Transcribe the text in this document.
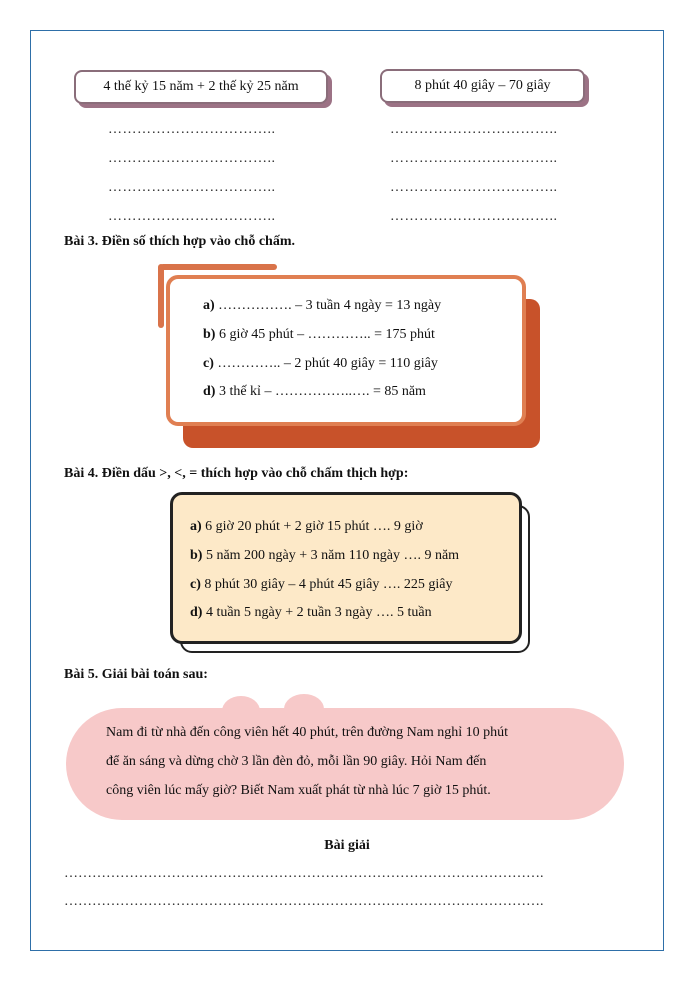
4 thế kỷ 15 năm + 2 thế kỷ 25 năm	8 phút 40 giây – 70 giây
……………………………..
……………………………..
……………………………..
……………………………..
……………………………..
……………………………..
……………………………..
……………………………..
Bài 3. Điền số thích hợp vào chỗ chấm.
a) ……………. – 3 tuần 4 ngày = 13 ngày
b) 6 giờ 45 phút – ………….. = 175 phút
c) ………….. – 2 phút 40 giây = 110 giây
d) 3 thế kỉ – ……………..…. = 85 năm
Bài 4. Điền dấu >, <, = thích hợp vào chỗ chấm thịch hợp:
a) 6 giờ 20 phút + 2 giờ 15 phút …. 9 giờ
b) 5 năm 200 ngày + 3 năm 110 ngày …. 9 năm
c) 8 phút 30 giây – 4 phút 45 giây …. 225 giây
d) 4 tuần 5 ngày + 2 tuần 3 ngày …. 5 tuần
Bài 5. Giải bài toán sau:
Nam đi từ nhà đến công viên hết 40 phút, trên đường Nam nghỉ 10 phút
để ăn sáng và dừng chờ 3 lần đèn đỏ, mỗi lần 90 giây. Hỏi Nam đến
công viên lúc mấy giờ? Biết Nam xuất phát từ nhà lúc 7 giờ 15 phút.
Bài giải
………………………………………………………………………………………….
………………………………………………………………………………………….
